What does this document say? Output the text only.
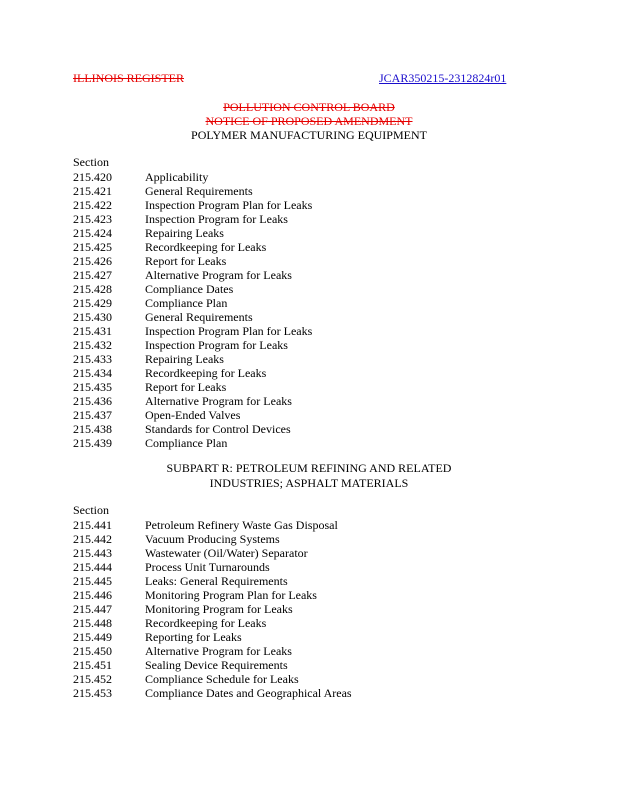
ILLINOIS REGISTER	JCAR350215-2312824r01
POLLUTION CONTROL BOARD
NOTICE OF PROPOSED AMENDMENT
POLYMER MANUFACTURING EQUIPMENT
Section
215.420	Applicability
215.421	General Requirements
215.422	Inspection Program Plan for Leaks
215.423	Inspection Program for Leaks
215.424	Repairing Leaks
215.425	Recordkeeping for Leaks
215.426	Report for Leaks
215.427	Alternative Program for Leaks
215.428	Compliance Dates
215.429	Compliance Plan
215.430	General Requirements
215.431	Inspection Program Plan for Leaks
215.432	Inspection Program for Leaks
215.433	Repairing Leaks
215.434	Recordkeeping for Leaks
215.435	Report for Leaks
215.436	Alternative Program for Leaks
215.437	Open-Ended Valves
215.438	Standards for Control Devices
215.439	Compliance Plan
SUBPART R: PETROLEUM REFINING AND RELATED
INDUSTRIES; ASPHALT MATERIALS
Section
215.441	Petroleum Refinery Waste Gas Disposal
215.442	Vacuum Producing Systems
215.443	Wastewater (Oil/Water) Separator
215.444	Process Unit Turnarounds
215.445	Leaks: General Requirements
215.446	Monitoring Program Plan for Leaks
215.447	Monitoring Program for Leaks
215.448	Recordkeeping for Leaks
215.449	Reporting for Leaks
215.450	Alternative Program for Leaks
215.451	Sealing Device Requirements
215.452	Compliance Schedule for Leaks
215.453	Compliance Dates and Geographical Areas
